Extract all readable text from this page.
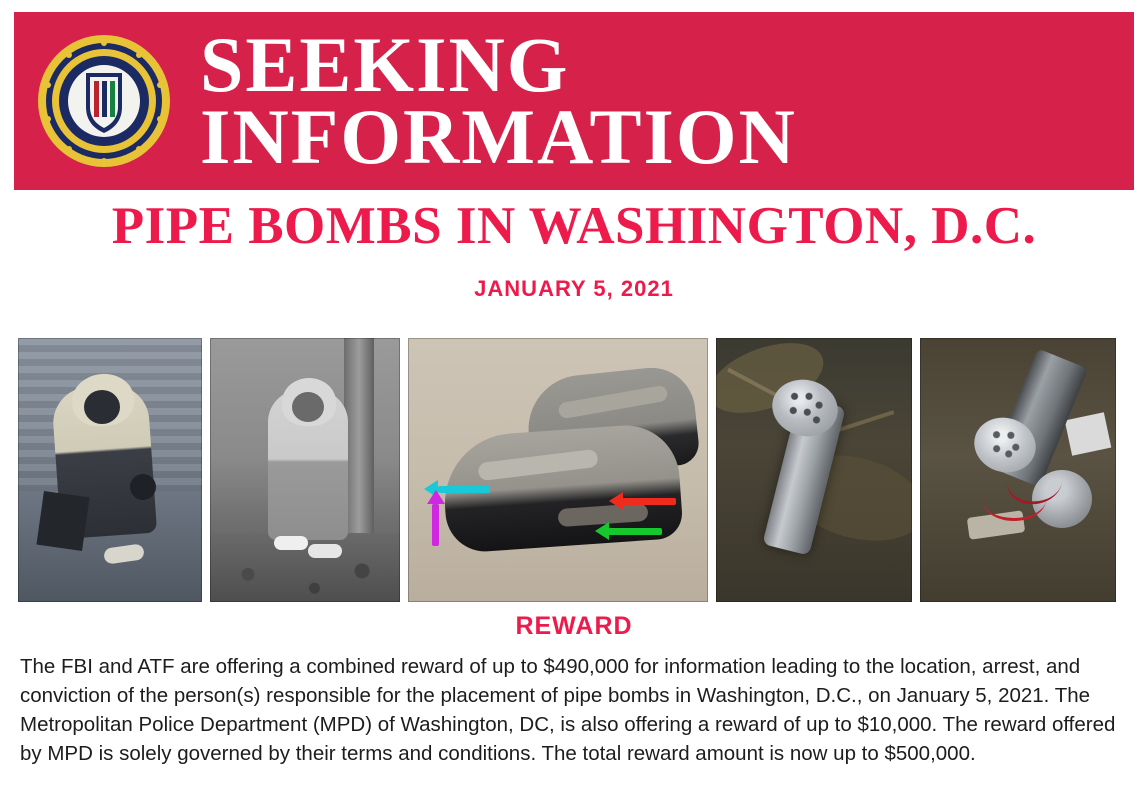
SEEKING
INFORMATION
PIPE BOMBS IN WASHINGTON, D.C.
JANUARY 5, 2021
REWARD

The FBI and ATF are offering a combined reward of up to $490,000 for information leading to the location, arrest, and conviction of the person(s) responsible for the placement of pipe bombs in Washington, D.C., on January 5, 2021. The Metropolitan Police Department (MPD) of Washington, DC, is also offering a reward of up to $10,000. The reward offered by MPD is solely governed by their terms and conditions. The total reward amount is now up to $500,000.
